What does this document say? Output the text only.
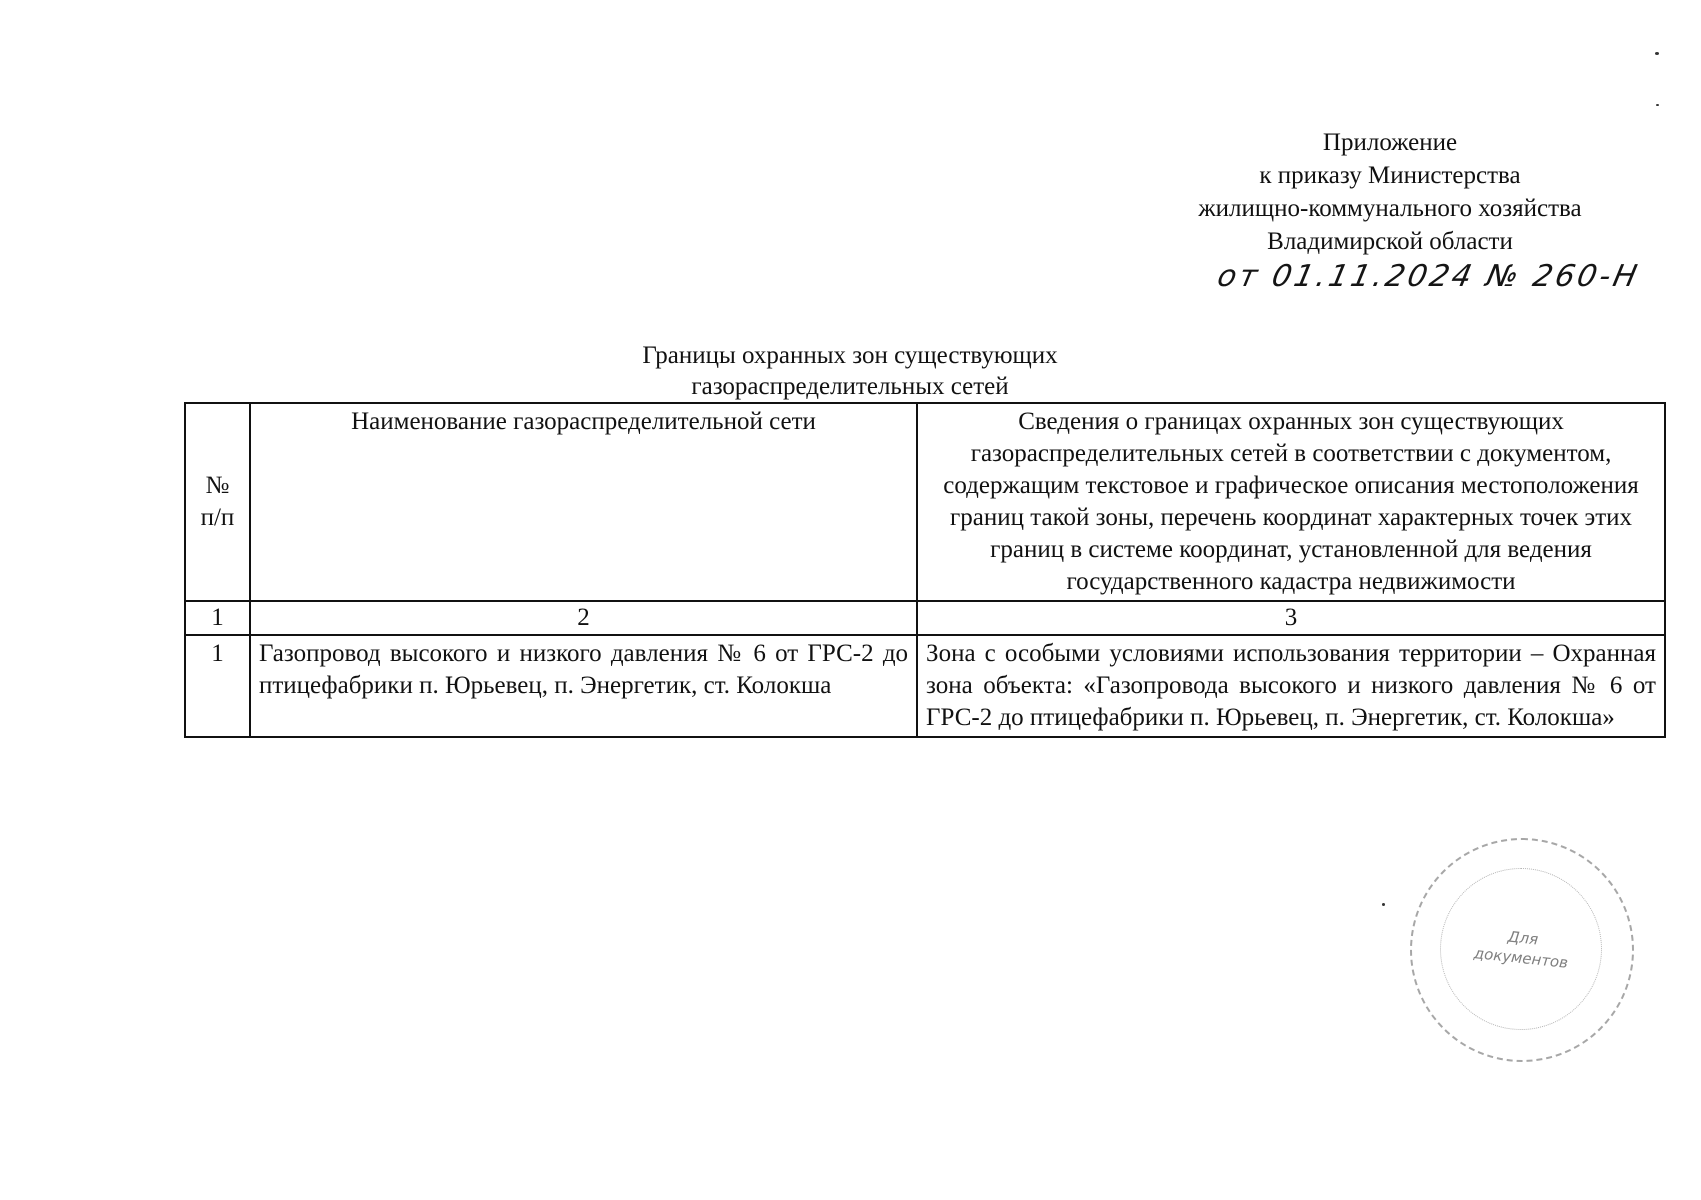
Приложение
к приказу Министерства
жилищно-коммунального хозяйства
Владимирской области
от 01.11.2024 № 260-Н
Границы охранных зон существующих
газораспределительных сетей
№ п/п	Наименование газораспределительной сети	Сведения о границах охранных зон существующих газораспределительных сетей в соответствии с документом, содержащим текстовое и графическое описания местоположения границ такой зоны, перечень координат характерных точек этих границ в системе координат, установленной для ведения государственного кадастра недвижимости
1	2	3
1	Газопровод высокого и низкого давления № 6 от ГРС-2 до птицефабрики п. Юрьевец, п. Энергетик, ст. Колокша	Зона с особыми условиями использования территории – Охранная зона объекта: «Газопровода высокого и низкого давления № 6 от ГРС-2 до птицефабрики п. Юрьевец, п. Энергетик, ст. Колокша»
Для
документов
